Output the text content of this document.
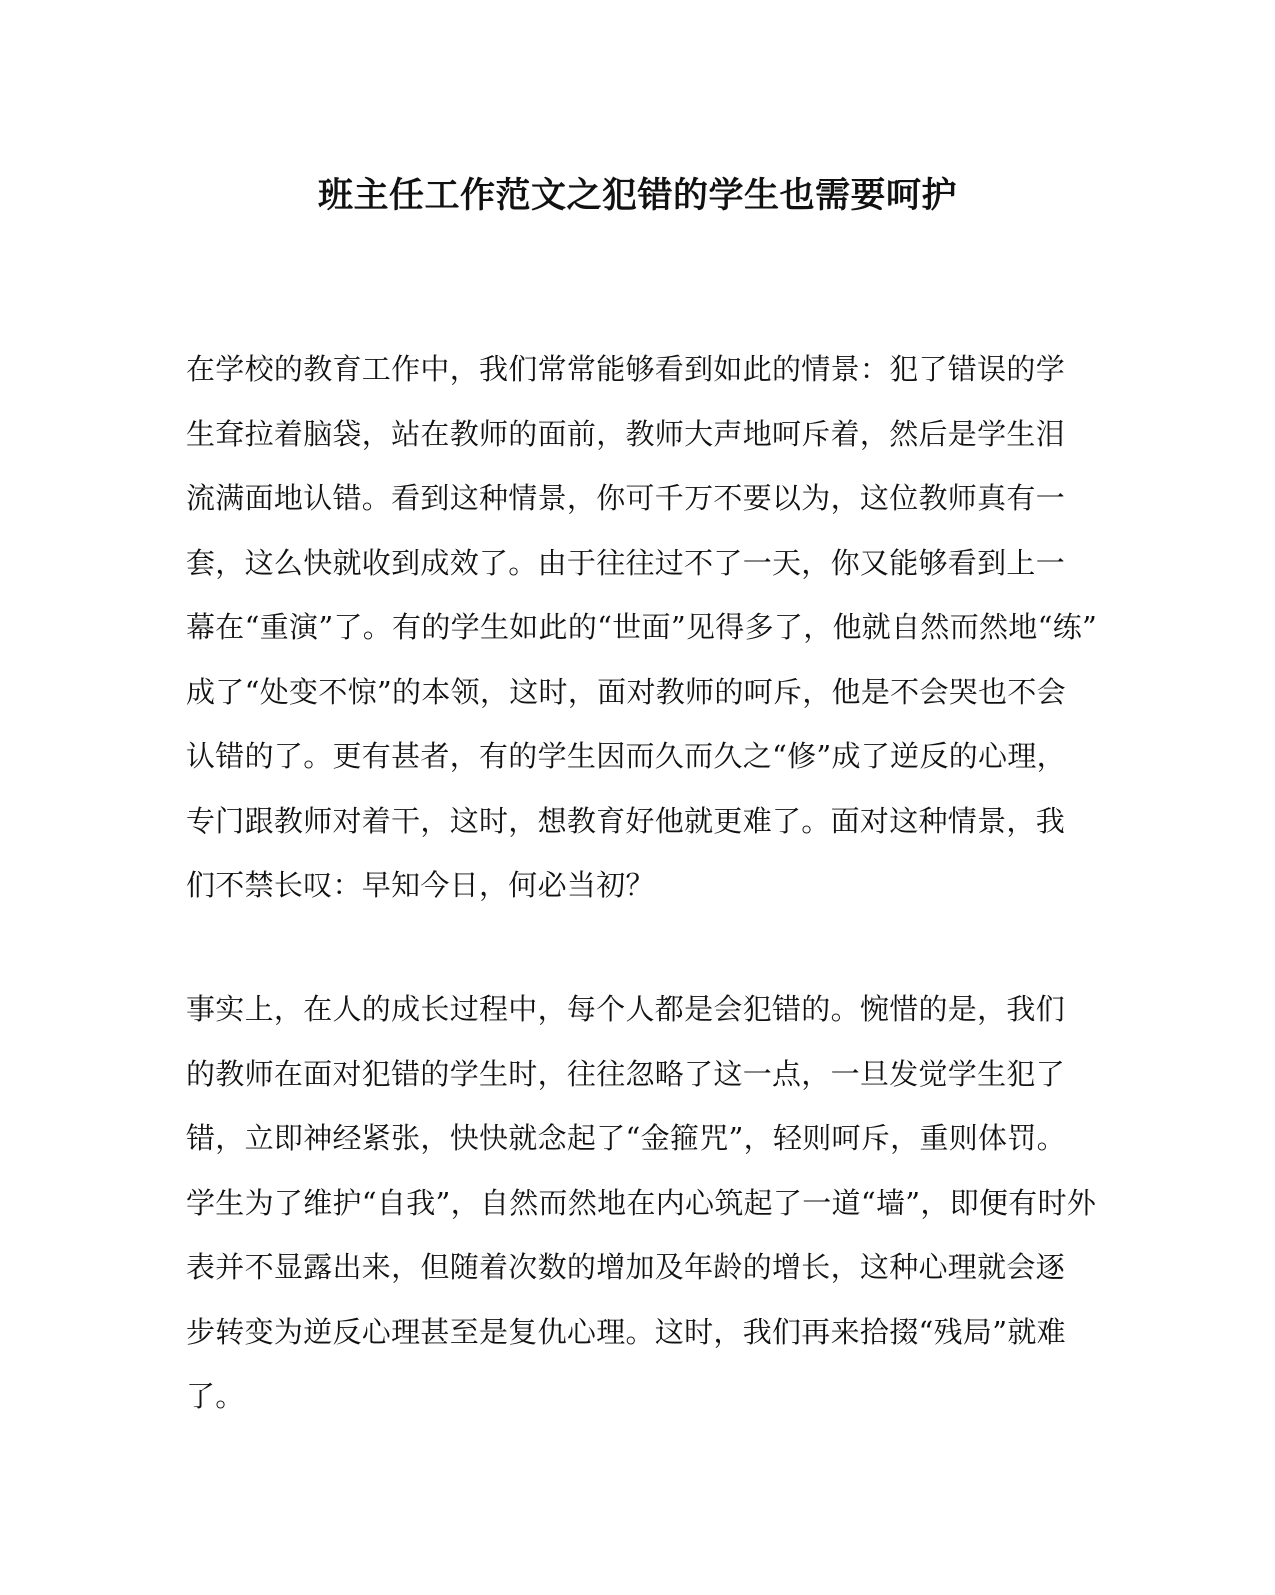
班主任工作范文之犯错的学生也需要呵护
在学校的教育工作中，我们常常能够看到如此的情景：犯了错误的学
生耷拉着脑袋，站在教师的面前，教师大声地呵斥着，然后是学生泪
流满面地认错。看到这种情景，你可千万不要以为，这位教师真有一
套，这么快就收到成效了。由于往往过不了一天，你又能够看到上一
幕在“重演”了。有的学生如此的“世面”见得多了，他就自然而然地“练”
成了“处变不惊”的本领，这时，面对教师的呵斥，他是不会哭也不会
认错的了。更有甚者，有的学生因而久而久之“修”成了逆反的心理，
专门跟教师对着干，这时，想教育好他就更难了。面对这种情景，我
们不禁长叹：早知今日，何必当初？
事实上，在人的成长过程中，每个人都是会犯错的。惋惜的是，我们
的教师在面对犯错的学生时，往往忽略了这一点，一旦发觉学生犯了
错，立即神经紧张，快快就念起了“金箍咒”，轻则呵斥，重则体罚。
学生为了维护“自我”，自然而然地在内心筑起了一道“墙”，即便有时外
表并不显露出来，但随着次数的增加及年龄的增长，这种心理就会逐
步转变为逆反心理甚至是复仇心理。这时，我们再来拾掇“残局”就难
了。
